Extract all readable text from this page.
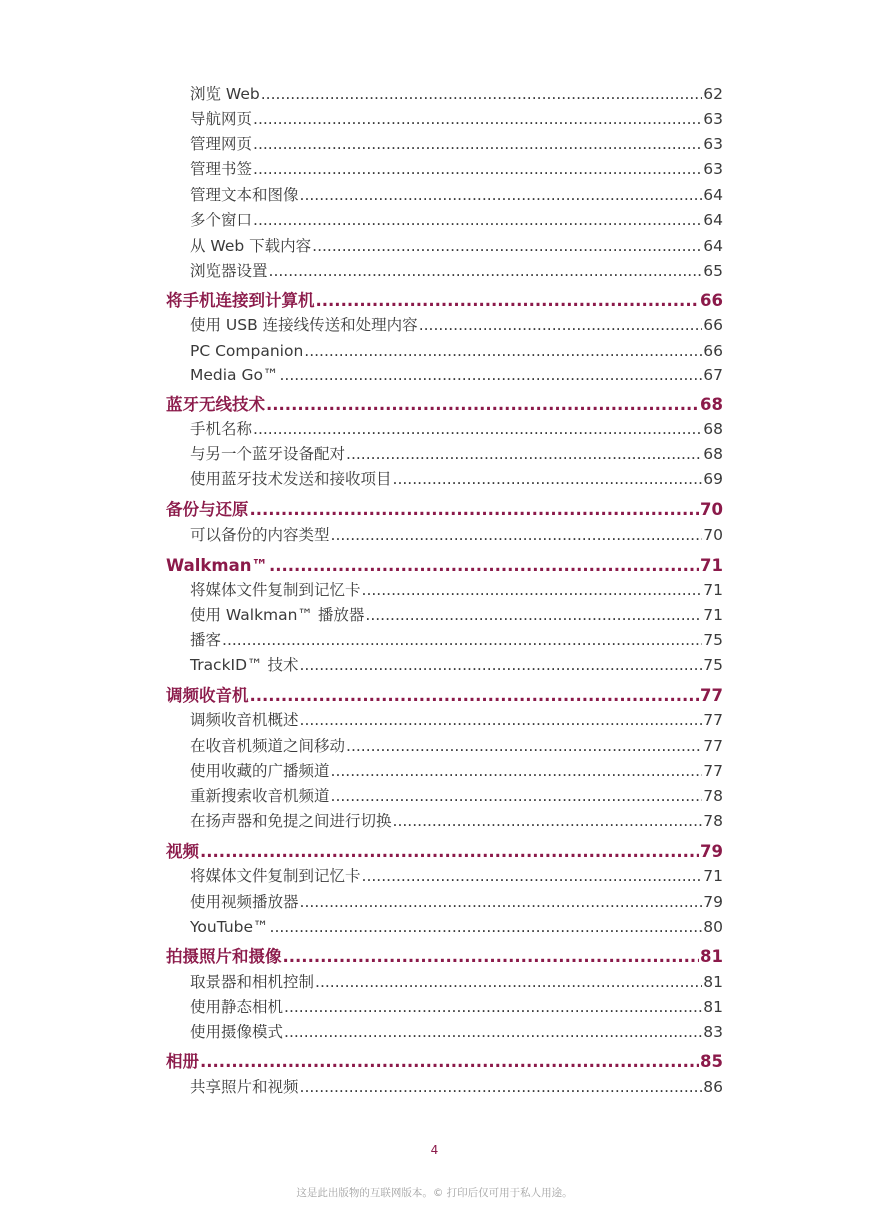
浏览 Web .....	62
导航网页 .....	63
管理网页 .....	63
管理书签 .....	63
管理文本和图像 .....	64
多个窗口 .....	64
从 Web 下载内容 .....	64
浏览器设置 .....	65
将手机连接到计算机 .....	66
使用 USB 连接线传送和处理内容 .....	66
PC Companion .....	66
Media Go™ .....	67
蓝牙无线技术 .....	68
手机名称 .....	68
与另一个蓝牙设备配对 .....	68
使用蓝牙技术发送和接收项目 .....	69
备份与还原 .....	70
可以备份的内容类型 .....	70
Walkman™ .....	71
将媒体文件复制到记忆卡 .....	71
使用 Walkman™ 播放器 .....	71
播客 .....	75
TrackID™ 技术 .....	75
调频收音机 .....	77
调频收音机概述 .....	77
在收音机频道之间移动 .....	77
使用收藏的广播频道 .....	77
重新搜索收音机频道 .....	78
在扬声器和免提之间进行切换 .....	78
视频 .....	79
将媒体文件复制到记忆卡 .....	71
使用视频播放器 .....	79
YouTube™ .....	80
拍摄照片和摄像 .....	81
取景器和相机控制 .....	81
使用静态相机 .....	81
使用摄像模式 .....	83
相册 .....	85
共享照片和视频 .....	86
4
这是此出版物的互联网版本。© 打印后仅可用于私人用途。
